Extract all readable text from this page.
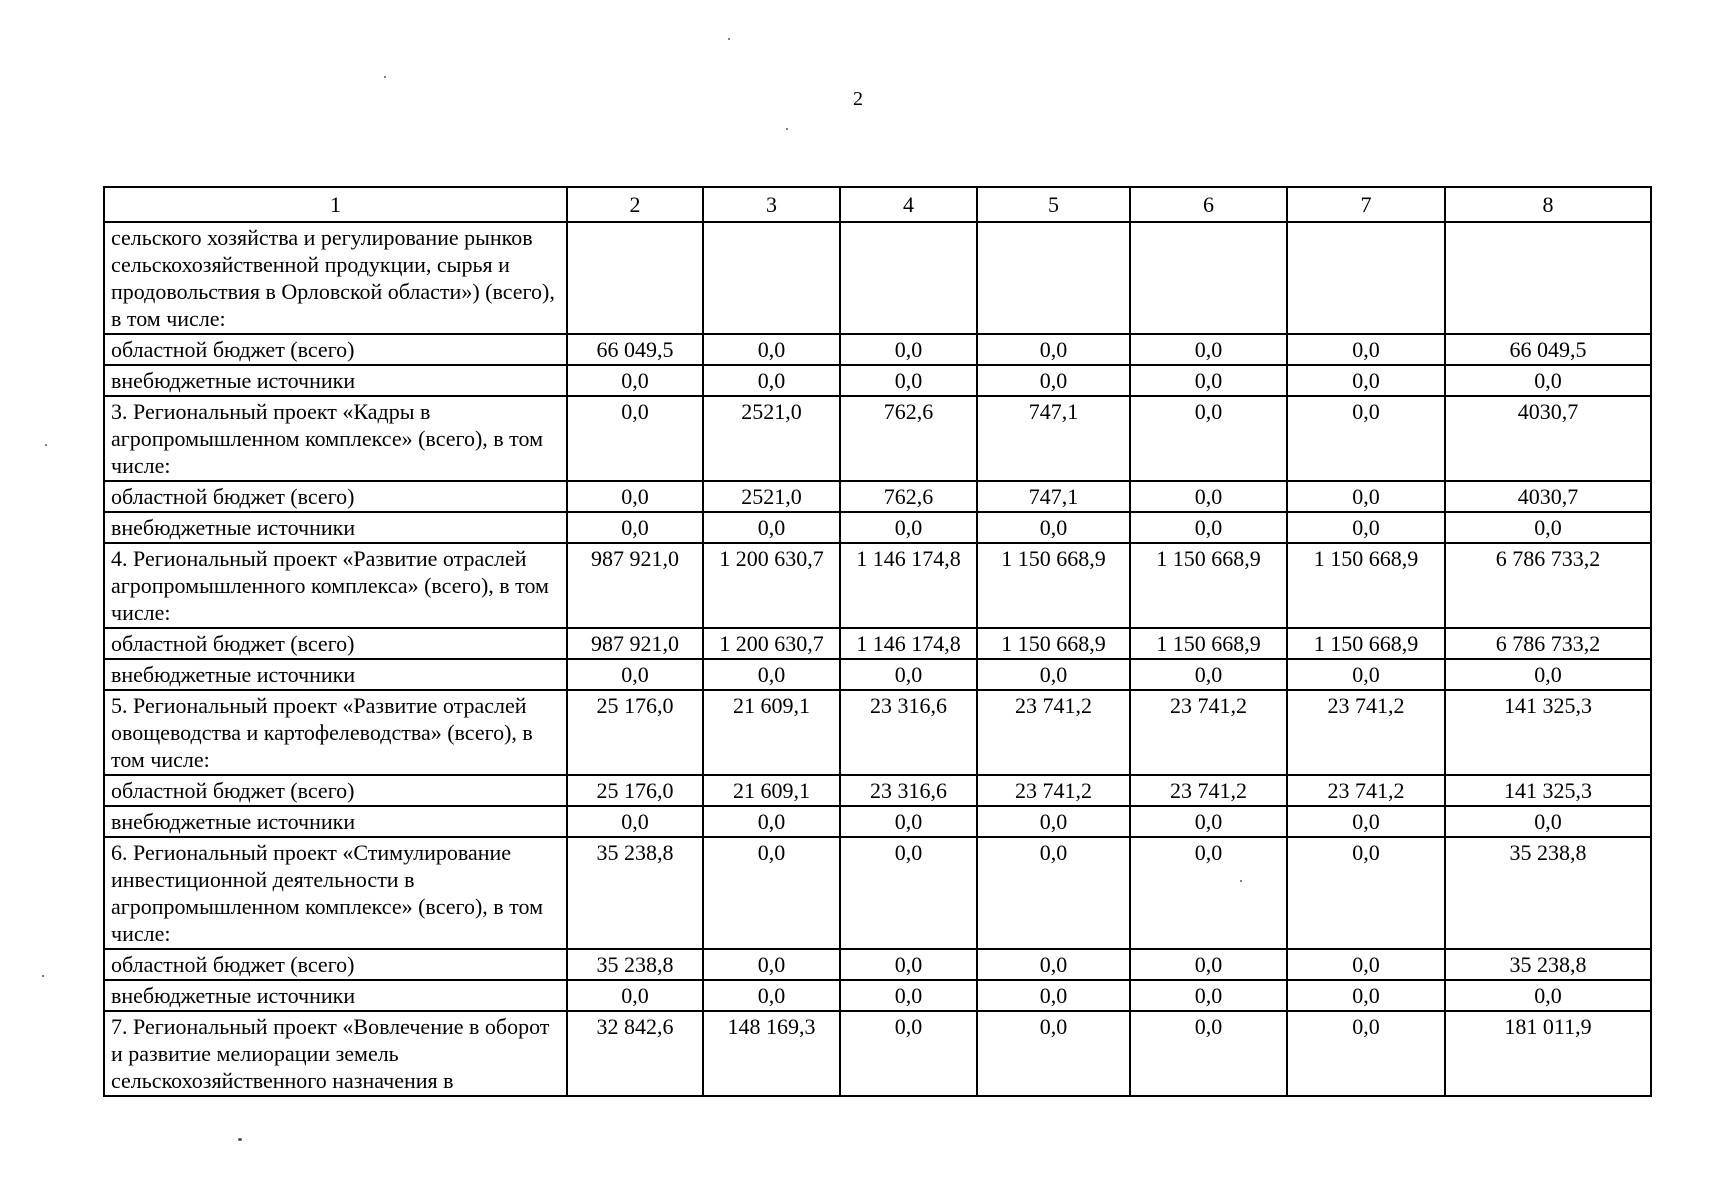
2
1	2	3	4	5	6	7	8
сельского хозяйства и регулирование рынков сельскохозяйственной продукции, сырья и продовольствия в Орловской области») (всего), в том числе:							
областной бюджет (всего)	66 049,5	0,0	0,0	0,0	0,0	0,0	66 049,5
внебюджетные источники	0,0	0,0	0,0	0,0	0,0	0,0	0,0
3. Региональный проект «Кадры в агропромышленном комплексе» (всего), в том числе:	0,0	2521,0	762,6	747,1	0,0	0,0	4030,7
областной бюджет (всего)	0,0	2521,0	762,6	747,1	0,0	0,0	4030,7
внебюджетные источники	0,0	0,0	0,0	0,0	0,0	0,0	0,0
4. Региональный проект «Развитие отраслей агропромышленного комплекса» (всего), в том числе:	987 921,0	1 200 630,7	1 146 174,8	1 150 668,9	1 150 668,9	1 150 668,9	6 786 733,2
областной бюджет (всего)	987 921,0	1 200 630,7	1 146 174,8	1 150 668,9	1 150 668,9	1 150 668,9	6 786 733,2
внебюджетные источники	0,0	0,0	0,0	0,0	0,0	0,0	0,0
5. Региональный проект «Развитие отраслей овощеводства и картофелеводства» (всего), в том числе:	25 176,0	21 609,1	23 316,6	23 741,2	23 741,2	23 741,2	141 325,3
областной бюджет (всего)	25 176,0	21 609,1	23 316,6	23 741,2	23 741,2	23 741,2	141 325,3
внебюджетные источники	0,0	0,0	0,0	0,0	0,0	0,0	0,0
6. Региональный проект «Стимулирование инвестиционной деятельности в агропромышленном комплексе» (всего), в том числе:	35 238,8	0,0	0,0	0,0	0,0	0,0	35 238,8
областной бюджет (всего)	35 238,8	0,0	0,0	0,0	0,0	0,0	35 238,8
внебюджетные источники	0,0	0,0	0,0	0,0	0,0	0,0	0,0
7. Региональный проект «Вовлечение в оборот и развитие мелиорации земель сельскохозяйственного назначения в	32 842,6	148 169,3	0,0	0,0	0,0	0,0	181 011,9
